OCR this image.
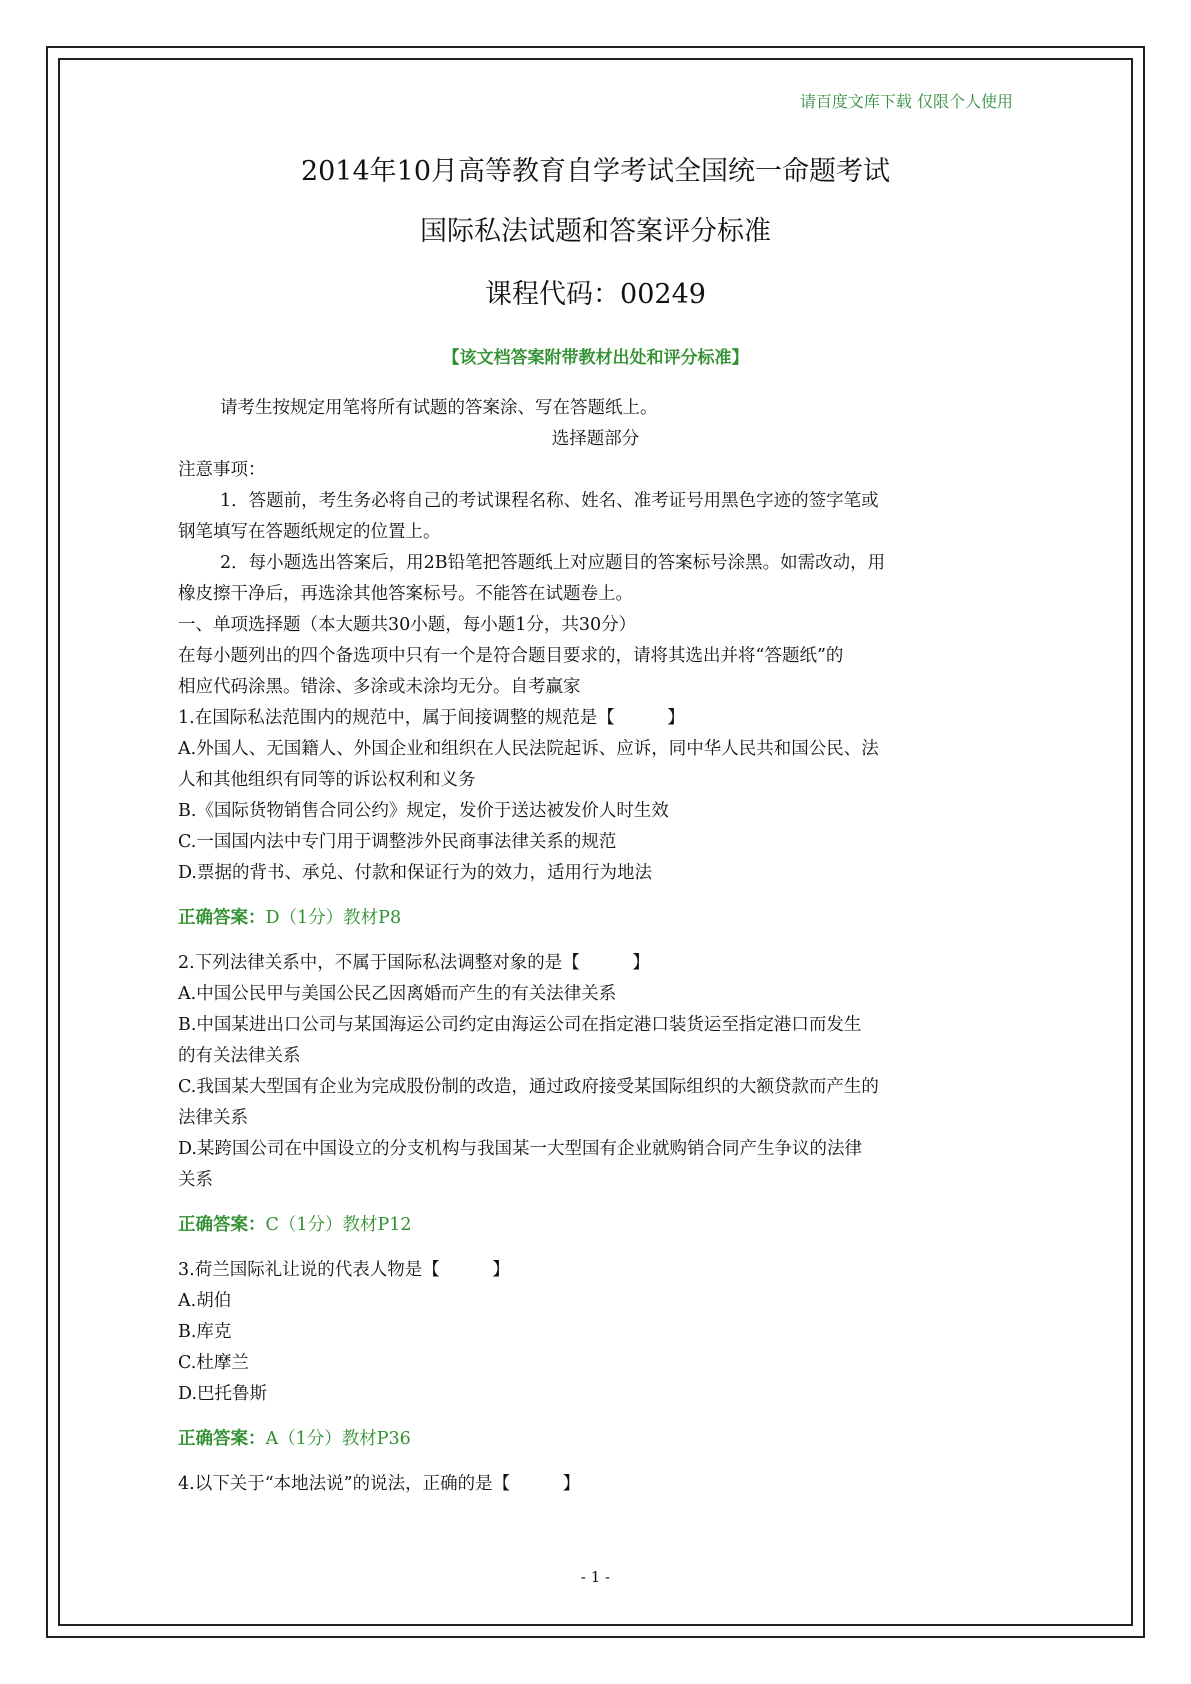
请百度文库下载 仅限个人使用
2014年10月高等教育自学考试全国统一命题考试
国际私法试题和答案评分标准
课程代码：00249
【该文档答案附带教材出处和评分标准】
请考生按规定用笔将所有试题的答案涂、写在答题纸上。
选择题部分
注意事项：
1．答题前，考生务必将自己的考试课程名称、姓名、准考证号用黑色字迹的签字笔或
钢笔填写在答题纸规定的位置上。
2．每小题选出答案后，用2B铅笔把答题纸上对应题目的答案标号涂黑。如需改动，用
橡皮擦干净后，再选涂其他答案标号。不能答在试题卷上。
一、单项选择题（本大题共30小题，每小题1分，共30分）
在每小题列出的四个备选项中只有一个是符合题目要求的，请将其选出并将“答题纸”的
相应代码涂黑。错涂、多涂或未涂均无分。自考赢家
1.在国际私法范围内的规范中，属于间接调整的规范是【　　　】
A.外国人、无国籍人、外国企业和组织在人民法院起诉、应诉，同中华人民共和国公民、法
人和其他组织有同等的诉讼权利和义务
B.《国际货物销售合同公约》规定，发价于送达被发价人时生效
C.一国国内法中专门用于调整涉外民商事法律关系的规范
D.票据的背书、承兑、付款和保证行为的效力，适用行为地法
正确答案：D（1分）教材P8
2.下列法律关系中，不属于国际私法调整对象的是【　　　】
A.中国公民甲与美国公民乙因离婚而产生的有关法律关系
B.中国某进出口公司与某国海运公司约定由海运公司在指定港口装货运至指定港口而发生
的有关法律关系
C.我国某大型国有企业为完成股份制的改造，通过政府接受某国际组织的大额贷款而产生的
法律关系
D.某跨国公司在中国设立的分支机构与我国某一大型国有企业就购销合同产生争议的法律
关系
正确答案：C（1分）教材P12
3.荷兰国际礼让说的代表人物是【　　　】
A.胡伯
B.库克
C.杜摩兰
D.巴托鲁斯
正确答案：A（1分）教材P36
4.以下关于“本地法说”的说法，正确的是【　　　】
- 1 -
